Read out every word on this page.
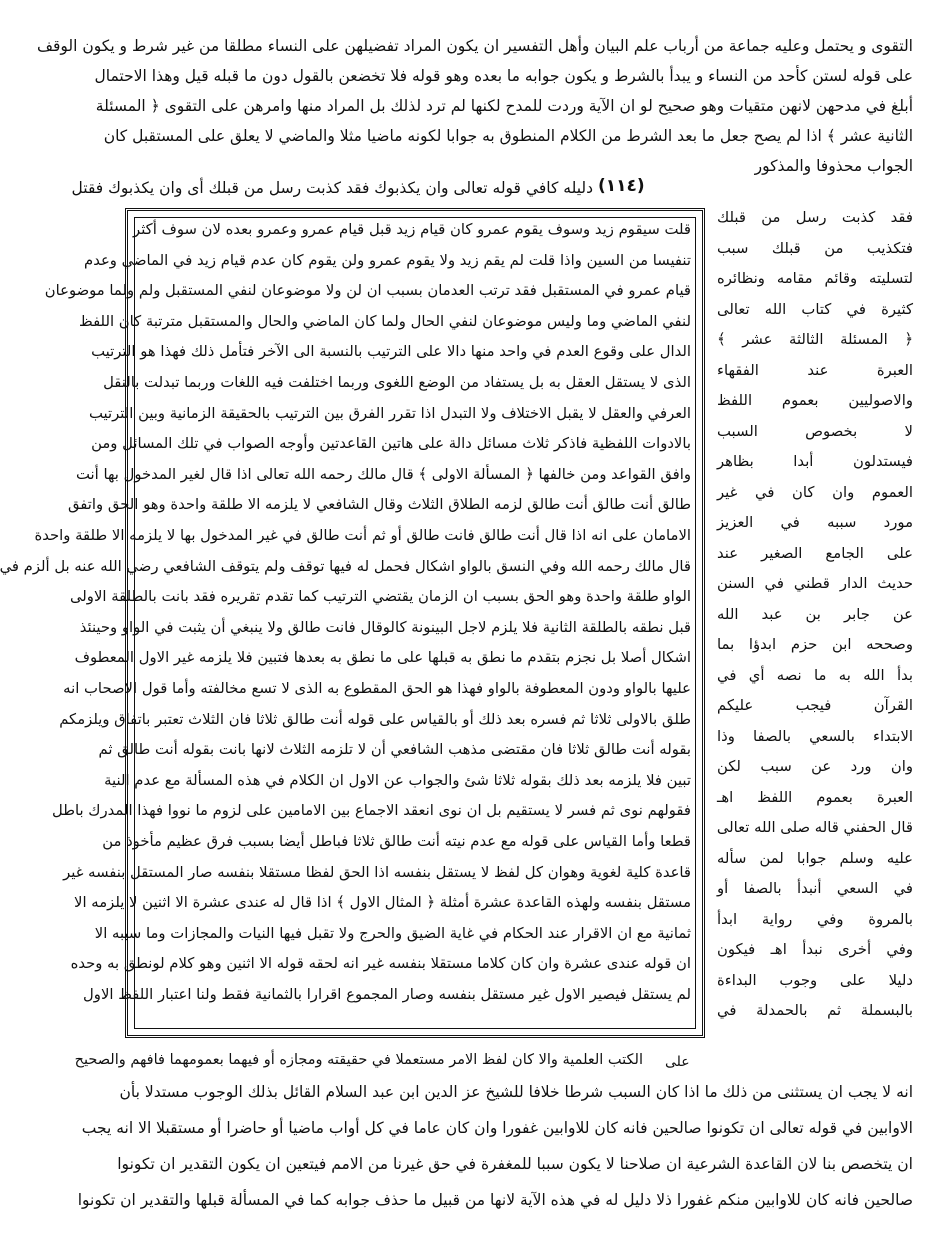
التقوى و يحتمل وعليه جماعة من أرباب علم البيان وأهل التفسير ان يكون المراد تفضيلهن على النساء مطلقا من غير شرط و يكون الوقف
على قوله لستن كأحد من النساء و يبدأ بالشرط و يكون جوابه ما بعده وهو قوله فلا تخضعن بالقول دون ما قبله قيل وهذا الاحتمال
أبلغ في مدحهن لانهن متقيات وهو صحيح لو ان الآية وردت للمدح لكنها لم ترد لذلك بل المراد منها وامرهن على التقوى ﴿ المسئلة
الثانية عشر ﴾ اذا لم يصح جعل ما بعد الشرط من الكلام المنطوق به جوابا لكونه ماضيا مثلا والماضي لا يعلق على المستقبل كان
الجواب محذوفا والمذكور
دليله كافي قوله تعالى وان يكذبوك فقد كذبت رسل من قبلك أى وان يكذبوك فقتل (١١٤)
فقد كذبت رسل من قبلك
فتكذيب من قبلك سبب
لتسليته وقائم مقامه ونظائره
كثيرة في كتاب الله تعالى
﴿ المسئلة الثالثة عشر ﴾
العبرة عند الفقهاء
والاصوليين بعموم اللفظ
لا بخصوص السبب
فيستدلون أبدا بظاهر
العموم وان كان في غير
مورد سببه في العزيز
على الجامع الصغير عند
حديث الدار قطني في السنن
عن جابر بن عبد الله
وصححه ابن حزم ابدؤا بما
بدأ الله به ما نصه أي في
القرآن فيجب عليكم
الابتداء بالسعي بالصفا وذا
وان ورد عن سبب لكن
العبرة بعموم اللفظ اهـ
قال الحفني قاله صلى الله تعالى
عليه وسلم جوابا لمن سأله
في السعي أنبدأ بالصفا أو
بالمروة وفي رواية ابدأ
وفي أخرى نبدأ اهـ فيكون
دليلا على وجوب البداءة
بالبسملة ثم بالحمدلة في
قلت سيقوم زيد وسوف يقوم عمرو كان قيام زيد قبل قيام عمرو وعمرو بعده لان سوف أكثر
تنفيسا من السين واذا قلت لم يقم زيد ولا يقوم عمرو ولن يقوم كان عدم قيام زيد في الماضي وعدم
قيام عمرو في المستقبل فقد ترتب العدمان بسبب ان لن ولا موضوعان لنفي المستقبل ولم ولما موضوعان
لنفي الماضي وما وليس موضوعان لنفي الحال ولما كان الماضي والحال والمستقبل مترتبة كان اللفظ
الدال على وقوع العدم في واحد منها دالا على الترتيب بالنسبة الى الآخر فتأمل ذلك فهذا هو الترتيب
الذى لا يستقل العقل به بل يستفاد من الوضع اللغوى وربما اختلفت فيه اللغات وربما تبدلت بالنقل
العرفي والعقل لا يقبل الاختلاف ولا التبدل اذا تقرر الفرق بين الترتيب بالحقيقة الزمانية وبين الترتيب
بالادوات اللفظية فاذكر ثلاث مسائل دالة على هاتين القاعدتين وأوجه الصواب في تلك المسائل ومن
وافق القواعد ومن خالفها ﴿ المسألة الاولى ﴾ قال مالك رحمه الله تعالى اذا قال لغير المدخول بها أنت
طالق أنت طالق أنت طالق لزمه الطلاق الثلاث وقال الشافعي لا يلزمه الا طلقة واحدة وهو الحق واتفق
الامامان على انه اذا قال أنت طالق فانت طالق أو ثم أنت طالق في غير المدخول بها لا يلزمه الا طلقة واحدة
قال مالك رحمه الله وفي النسق بالواو اشكال فحمل له فيها توقف ولم يتوقف الشافعي رضي الله عنه بل ألزم في
الواو طلقة واحدة وهو الحق بسبب ان الزمان يقتضي الترتيب كما تقدم تقريره فقد بانت بالطلقة الاولى
قبل نطقه بالطلقة الثانية فلا يلزم لاجل البينونة كالوقال فانت طالق ولا ينبغي أن يثبت في الواو وحينئذ
اشكال أصلا بل نجزم بتقدم ما نطق به قبلها على ما نطق به بعدها فتبين فلا يلزمه غير الاول المعطوف
عليها بالواو ودون المعطوفة بالواو فهذا هو الحق المقطوع به الذى لا تسع مخالفته وأما قول الاصحاب انه
طلق بالاولى ثلاثا ثم فسره بعد ذلك أو بالقياس على قوله أنت طالق ثلاثا فان الثلاث تعتبر باتفاق ويلزمكم
بقوله أنت طالق ثلاثا فان مقتضى مذهب الشافعي أن لا تلزمه الثلاث لانها بانت بقوله أنت طالق ثم
تبين فلا يلزمه بعد ذلك بقوله ثلاثا شئ والجواب عن الاول ان الكلام في هذه المسألة مع عدم النية
فقولهم نوى ثم فسر لا يستقيم بل ان نوى انعقد الاجماع بين الامامين على لزوم ما نووا فهذا المدرك باطل
قطعا وأما القياس على قوله مع عدم نيته أنت طالق ثلاثا فباطل أيضا بسبب فرق عظيم مأخوذ من
قاعدة كلية لغوية وهوان كل لفظ لا يستقل بنفسه اذا الحق لفظا مستقلا بنفسه صار المستقل بنفسه غير
مستقل بنفسه ولهذه القاعدة عشرة أمثلة ﴿ المثال الاول ﴾ اذا قال له عندى عشرة الا اثنين لا يلزمه الا
ثمانية مع ان الاقرار عند الحكام في غاية الضيق والحرج ولا تقبل فيها النيات والمجازات وما سببه الا
ان قوله عندى عشرة وان كان كلاما مستقلا بنفسه غير انه لحقه قوله الا اثنين وهو كلام لونطق به وحده
لم يستقل فيصير الاول غير مستقل بنفسه وصار المجموع اقرارا بالثمانية فقط ولنا اعتبار اللفظ الاول
على
الكتب العلمية والا كان لفظ الامر مستعملا في حقيقته ومجازه أو فيهما بعمومهما فافهم والصحيح
انه لا يجب ان يستثنى من ذلك ما اذا كان السبب شرطا خلافا للشيخ عز الدين ابن عبد السلام القائل بذلك الوجوب مستدلا بأن
الاوابين في قوله تعالى ان تكونوا صالحين فانه كان للاوابين غفورا وان كان عاما في كل أواب ماضيا أو حاضرا أو مستقبلا الا انه يجب
ان يتخصص بنا لان القاعدة الشرعية ان صلاحنا لا يكون سببا للمغفرة في حق غيرنا من الامم فيتعين ان يكون التقدير ان تكونوا
صالحين فانه كان للاوابين منكم غفورا ذلا دليل له في هذه الآية لانها من قبيل ما حذف جوابه كما في المسألة قبلها والتقدير ان تكونوا
